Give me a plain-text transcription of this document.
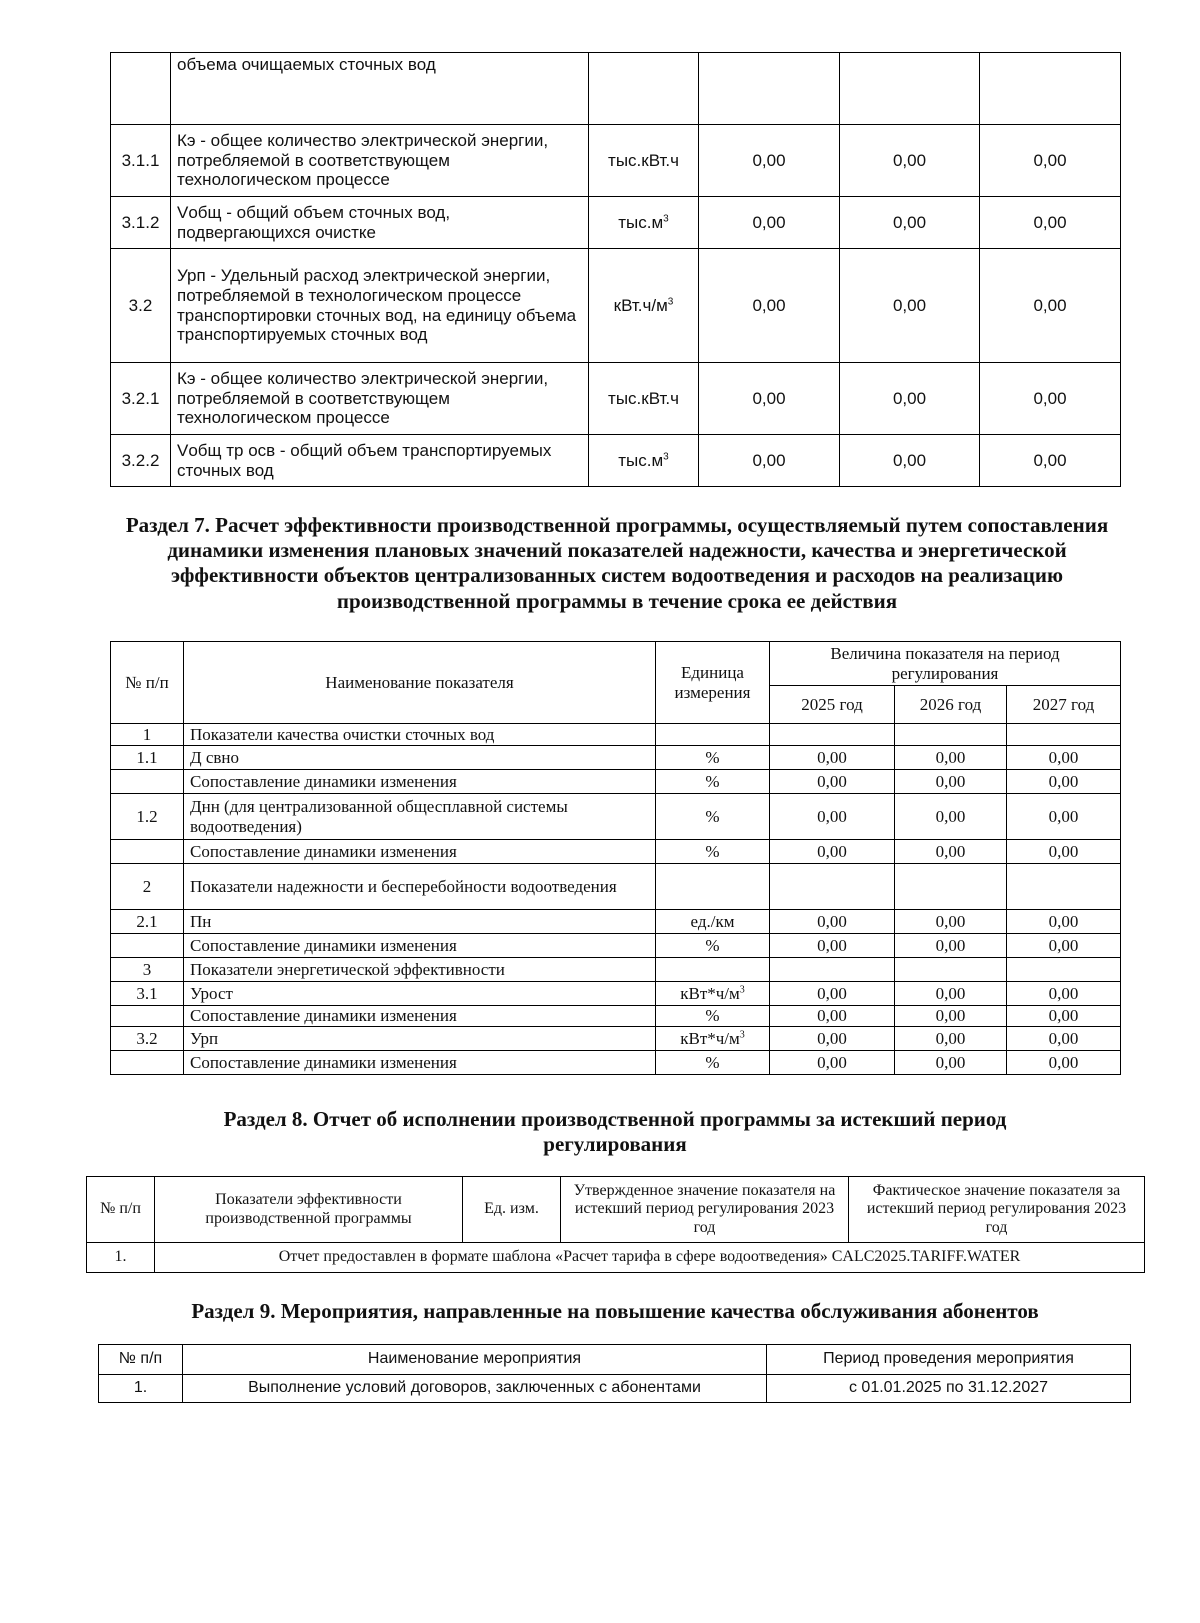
	объема очищаемых сточных вод				
3.1.1	Кэ - общее количество электрической энергии, потребляемой в соответствующем технологическом процессе	тыс.кВт.ч	0,00	0,00	0,00
3.1.2	Vобщ - общий объем сточных вод, подвергающихся очистке	$тыс.м^3$	0,00	0,00	0,00
3.2	Урп - Удельный расход электрической энергии, потребляемой в технологическом процессе транспортировки сточных вод, на единицу объема транспортируемых сточных вод	$кВт.ч/м^3$	0,00	0,00	0,00
3.2.1	Кэ - общее количество электрической энергии, потребляемой в соответствующем технологическом процессе	тыс.кВт.ч	0,00	0,00	0,00
3.2.2	Vобщ тр осв - общий объем транспортируемых сточных вод	$тыс.м^3$	0,00	0,00	0,00
Раздел 7. Расчет эффективности производственной программы, осуществляемый путем сопоставления динамики изменения плановых значений показателей надежности, качества и энергетической эффективности объектов централизованных систем водоотведения и расходов на реализацию производственной программы в течение срока ее действия
№ п/п	Наименование показателя	Единица измерения	Величина показателя на период регулирования		
			2025 год	2026 год	2027 год
1	Показатели качества очистки сточных вод				
1.1	Д свно	%	0,00	0,00	0,00
	Сопоставление динамики изменения	%	0,00	0,00	0,00
1.2	Днн (для централизованной общесплавной системы водоотведения)	%	0,00	0,00	0,00
	Сопоставление динамики изменения	%	0,00	0,00	0,00
2	Показатели надежности и бесперебойности водоотведения				
2.1	Пн	ед./км	0,00	0,00	0,00
	Сопоставление динамики изменения	%	0,00	0,00	0,00
3	Показатели энергетической эффективности				
3.1	Урост	$кВт*ч/м^3$	0,00	0,00	0,00
	Сопоставление динамики изменения	%	0,00	0,00	0,00
3.2	Урп	$кВт*ч/м^3$	0,00	0,00	0,00
	Сопоставление динамики изменения	%	0,00	0,00	0,00
Раздел 8. Отчет об исполнении производственной программы за истекший период регулирования
№ п/п	Показатели эффективности производственной программы	Ед. изм.	Утвержденное значение показателя на истекший период регулирования 2023 год	Фактическое значение показателя за истекший период регулирования 2023 год
1.	Отчет предоставлен в формате шаблона «Расчет тарифа в сфере водоотведения» CALC2025.TARIFF.WATER			
Раздел 9. Мероприятия, направленные на повышение качества обслуживания абонентов
№ п/п	Наименование мероприятия	Период проведения мероприятия
1.	Выполнение условий договоров, заключенных с абонентами	с 01.01.2025 по 31.12.2027
